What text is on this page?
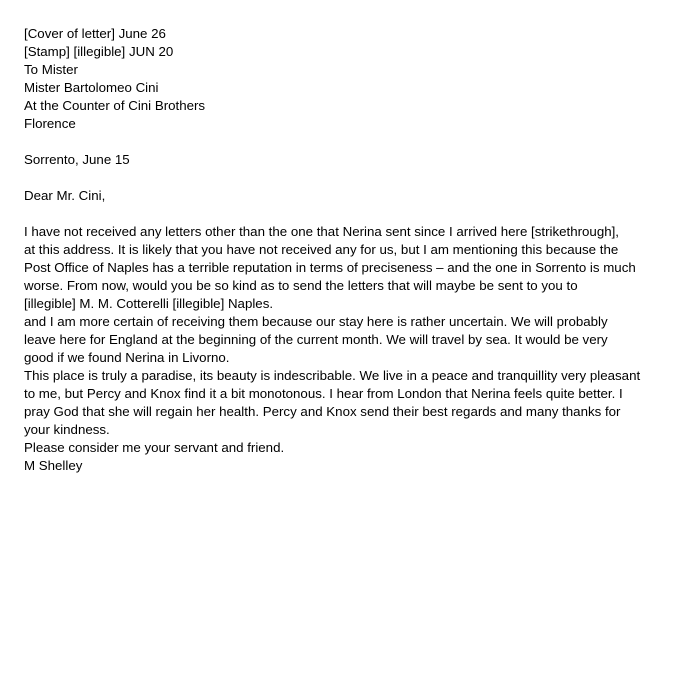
[Cover of letter] June 26
[Stamp] [illegible] JUN 20
To Mister
Mister Bartolomeo Cini
At the Counter of Cini Brothers
Florence
Sorrento, June 15
Dear Mr. Cini,
I have not received any letters other than the one that Nerina sent since I arrived here [strikethrough],
at this address. It is likely that you have not received any for us, but I am mentioning this because the
Post Office of Naples has a terrible reputation in terms of preciseness – and the one in Sorrento is much
worse. From now, would you be so kind as to send the letters that will maybe be sent to you to
[illegible] M. M. Cotterelli [illegible] Naples.
and I am more certain of receiving them because our stay here is rather uncertain. We will probably
leave here for England at the beginning of the current month. We will travel by sea. It would be very
good if we found Nerina in Livorno.
This place is truly a paradise, its beauty is indescribable. We live in a peace and tranquillity very pleasant
to me, but Percy and Knox find it a bit monotonous. I hear from London that Nerina feels quite better. I
pray God that she will regain her health. Percy and Knox send their best regards and many thanks for
your kindness.
Please consider me your servant and friend.
M Shelley
